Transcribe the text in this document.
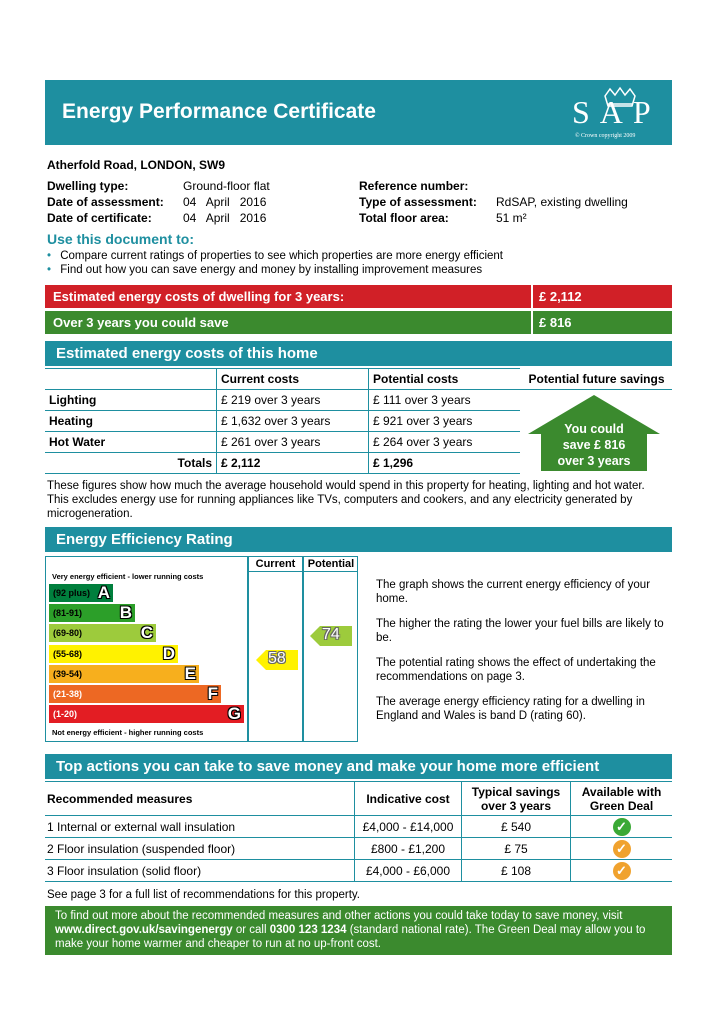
Energy Performance Certificate	SAP
© Crown copyright 2009
Atherfold Road, LONDON, SW9
Dwelling type:	Ground-floor flat
Date of assessment: 04   April   2016
Date of certificate:	04   April   2016
Reference number:
Type of assessment: RdSAP, existing dwelling
Total floor area:	51 m²
Use this document to:
• Compare current ratings of properties to see which properties are more energy efficient
• Find out how you can save energy and money by installing improvement measures
Estimated energy costs of dwelling for 3 years:	£ 2,112
Over 3 years you could save	£ 816
Estimated energy costs of this home
	Current costs	Potential costs
Lighting	£ 219 over 3 years	£ 111 over 3 years
Heating	£ 1,632 over 3 years	£ 921 over 3 years
Hot Water	£ 261 over 3 years	£ 264 over 3 years
Totals	£ 2,112	£ 1,296
Potential future savings
You could
save £ 816
over 3 years
These figures show how much the average household would spend in this property for heating, lighting and hot water. This excludes energy use for running appliances like TVs, computers and cookers, and any electricity generated by microgeneration.
Energy Efficiency Rating
Current	Potential
Very energy efficient - lower running costs
Not energy efficient - higher running costs
(92 plus) A
(81-91) B
(69-80)	C
(55-68)	D
(39-54)	E
(21-38)	F
(1-20)	G
58
74
The graph shows the current energy efficiency of your home.
The higher the rating the lower your fuel bills are likely to be.
The potential rating shows the effect of undertaking the recommendations on page 3.
The average energy efficiency rating for a dwelling in England and Wales is band D (rating 60).
Top actions you can take to save money and make your home more efficient
Recommended measures	Indicative cost	Typical savings over 3 years	Available with Green Deal
1 Internal or external wall insulation	£4,000 - £14,000	£ 540	✓
2 Floor insulation (suspended floor)	£800 - £1,200	£ 75	✓
3 Floor insulation (solid floor)	£4,000 - £6,000	£ 108	✓
See page 3 for a full list of recommendations for this property.
To find out more about the recommended measures and other actions you could take today to save money, visit www.direct.gov.uk/savingenergy or call 0300 123 1234 (standard national rate). The Green Deal may allow you to make your home warmer and cheaper to run at no up-front cost.
